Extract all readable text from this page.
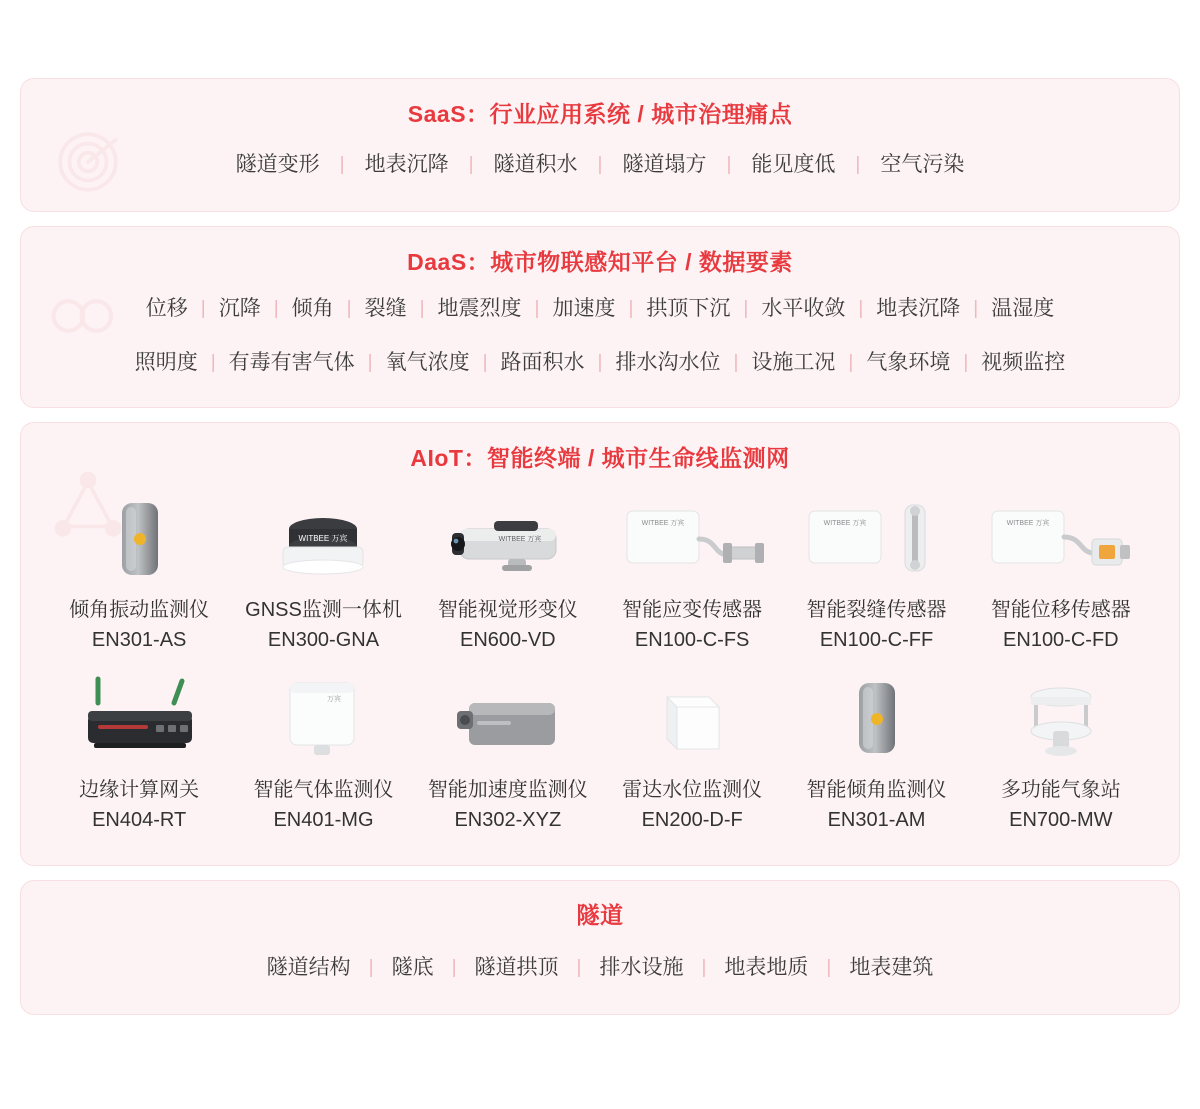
SaaS：行业应用系统 / 城市治理痛点
隧道变形	| 地表沉降	| 隧道积水	| 隧道塌方	| 能见度低	| 空气污染
DaaS：城市物联感知平台 / 数据要素
位移 | 沉降 | 倾角 | 裂缝 | 地震烈度 | 加速度 | 拱顶下沉 | 水平收敛 | 地表沉降 | 温湿度
照明度 | 有毒有害气体 | 氧气浓度 | 路面积水 | 排水沟水位 | 设施工况 | 气象环境 | 视频监控
AIoT：智能终端 / 城市生命线监测网
倾角振动监测仪
EN301-AS
WITBEE 万宾
GNSS监测一体机
EN300-GNA
WITBEE 万宾
智能视觉形变仪
EN600-VD
WITBEE 万宾
智能应变传感器
EN100-C-FS
WITBEE 万宾
智能裂缝传感器
EN100-C-FF
WITBEE 万宾
智能位移传感器
EN100-C-FD
边缘计算网关
EN404-RT
万宾
智能气体监测仪
EN401-MG
智能加速度监测仪
EN302-XYZ
雷达水位监测仪
EN200-D-F
智能倾角监测仪
EN301-AM
多功能气象站
EN700-MW
隧道
隧道结构 | 隧底 | 隧道拱顶 | 排水设施 | 地表地质 | 地表建筑
